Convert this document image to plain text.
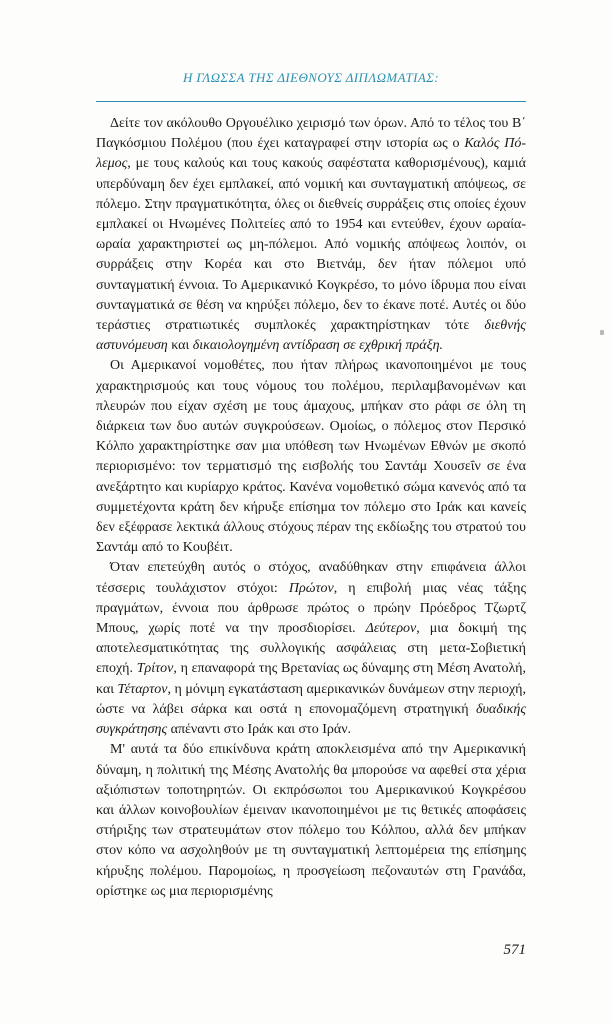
Η ΓΛΩΣΣΑ ΤΗΣ ΔΙΕΘΝΟΥΣ ΔΙΠΛΩΜΑΤΙΑΣ:

Δείτε τον ακόλουθο Οργουέλικο χειρισμό των όρων. Από το τέλος του Β΄ Παγκόσμιου Πολέμου (που έχει καταγραφεί στην ιστορία ως ο Καλός Πόλεμος, με τους καλούς και τους κακούς σαφέστατα καθορισμένους), καμιά υπερδύναμη δεν έχει εμπλακεί, από νομική και συνταγματική απόψεως, σε πόλεμο. Στην πραγματικότητα, όλες οι διεθνείς συρράξεις στις οποίες έχουν εμπλακεί οι Ηνωμένες Πολιτείες από το 1954 και εντεύθεν, έχουν ωραία-ωραία χαρακτηριστεί ως μη-πόλεμοι. Από νομικής απόψεως λοιπόν, οι συρράξεις στην Κορέα και στο Βιετνάμ, δεν ήταν πόλεμοι υπό συνταγματική έννοια. Το Αμερικανικό Κογκρέσο, το μόνο ίδρυμα που είναι συνταγματικά σε θέση να κηρύξει πόλεμο, δεν το έκανε ποτέ. Αυτές οι δύο τεράστιες στρατιωτικές συμπλοκές χαρακτηρίστηκαν τότε διεθνής αστυνόμευση και δικαιολογημένη αντίδραση σε εχθρική πράξη.

Οι Αμερικανοί νομοθέτες, που ήταν πλήρως ικανοποιημένοι με τους χαρακτηρισμούς και τους νόμους του πολέμου, περιλαμβανομένων και πλευρών που είχαν σχέση με τους άμαχους, μπήκαν στο ράφι σε όλη τη διάρκεια των δυο αυτών συγκρούσεων. Ομοίως, ο πόλεμος στον Περσικό Κόλπο χαρακτηρίστηκε σαν μια υπόθεση των Ηνωμένων Εθνών με σκοπό περιορισμένο: τον τερματισμό της εισβολής του Σαντάμ Χουσεΐν σε ένα ανεξάρτητο και κυρίαρχο κράτος. Κανένα νομοθετικό σώμα κανενός από τα συμμετέχοντα κράτη δεν κήρυξε επίσημα τον πόλεμο στο Ιράκ και κανείς δεν εξέφρασε λεκτικά άλλους στόχους πέραν της εκδίωξης του στρατού του Σαντάμ από το Κουβέιτ.

Όταν επετεύχθη αυτός ο στόχος, αναδύθηκαν στην επιφάνεια άλλοι τέσσερις τουλάχιστον στόχοι: Πρώτον, η επιβολή μιας νέας τάξης πραγμάτων, έννοια που άρθρωσε πρώτος ο πρώην Πρόεδρος Τζωρτζ Μπους, χωρίς ποτέ να την προσδιορίσει. Δεύτερον, μια δοκιμή της αποτελεσματικότητας της συλλογικής ασφάλειας στη μετα-Σοβιετική εποχή. Τρίτον, η επαναφορά της Βρετανίας ως δύναμης στη Μέση Ανατολή, και Τέταρτον, η μόνιμη εγκατάσταση αμερικανικών δυνάμεων στην περιοχή, ώστε να λάβει σάρκα και οστά η επονομαζόμενη στρατηγική δυαδικής συγκράτησης απέναντι στο Ιράκ και στο Ιράν.

Μ' αυτά τα δύο επικίνδυνα κράτη αποκλεισμένα από την Αμερικανική δύναμη, η πολιτική της Μέσης Ανατολής θα μπορούσε να αφεθεί στα χέρια αξιόπιστων τοποτηρητών. Οι εκπρόσωποι του Αμερικανικού Κογκρέσου και άλλων κοινοβουλίων έμειναν ικανοποιημένοι με τις θετικές αποφάσεις στήριξης των στρατευμάτων στον πόλεμο του Κόλπου, αλλά δεν μπήκαν στον κόπο να ασχοληθούν με τη συνταγματική λεπτομέρεια της επίσημης κήρυξης πολέμου. Παρομοίως, η προσγείωση πεζοναυτών στη Γρανάδα, ορίστηκε ως μια περιορισμένης

571
